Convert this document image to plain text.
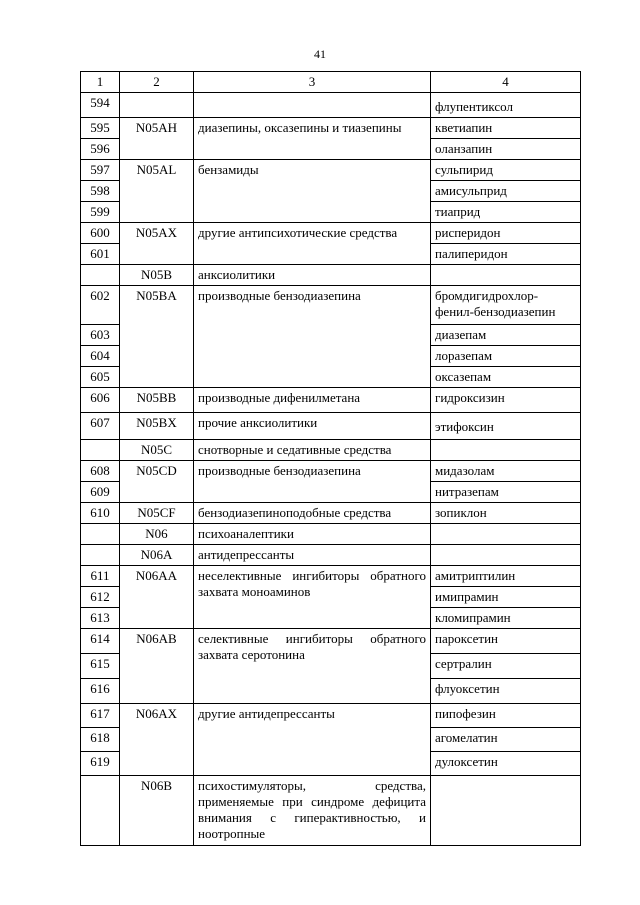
41
1	2	3	4
594			флупентиксол
595	N05AH	диазепины, оксазепины и тиазепины	кветиапин
596			оланзапин
597	N05AL	бензамиды	сульпирид
598			амисульприд
599			тиаприд
600	N05AX	другие антипсихотические средства	рисперидон
601			палиперидон
	N05B	анксиолитики	
602	N05BA	производные бензодиазепина	бромдигидрохлор-фенил-бензодиазепин
603			диазепам
604			лоразепам
605			оксазепам
606	N05BB	производные дифенилметана	гидроксизин
607	N05BX	прочие анксиолитики	этифоксин
	N05C	снотворные и седативные средства	
608	N05CD	производные бензодиазепина	мидазолам
609			нитразепам
610	N05CF	бензодиазепиноподобные средства	зопиклон
	N06	психоаналептики	
	N06A	антидепрессанты	
611	N06AA	неселективные ингибиторы обратного захвата моноаминов	амитриптилин
612			имипрамин
613			кломипрамин
614	N06AB	селективные ингибиторы обратного захвата серотонина	пароксетин
615			сертралин
616			флуоксетин
617	N06AX	другие антидепрессанты	пипофезин
618			агомелатин
619			дулоксетин
	N06B	психостимуляторы, средства, применяемые при синдроме дефицита внимания с гиперактивностью, и ноотропные	
